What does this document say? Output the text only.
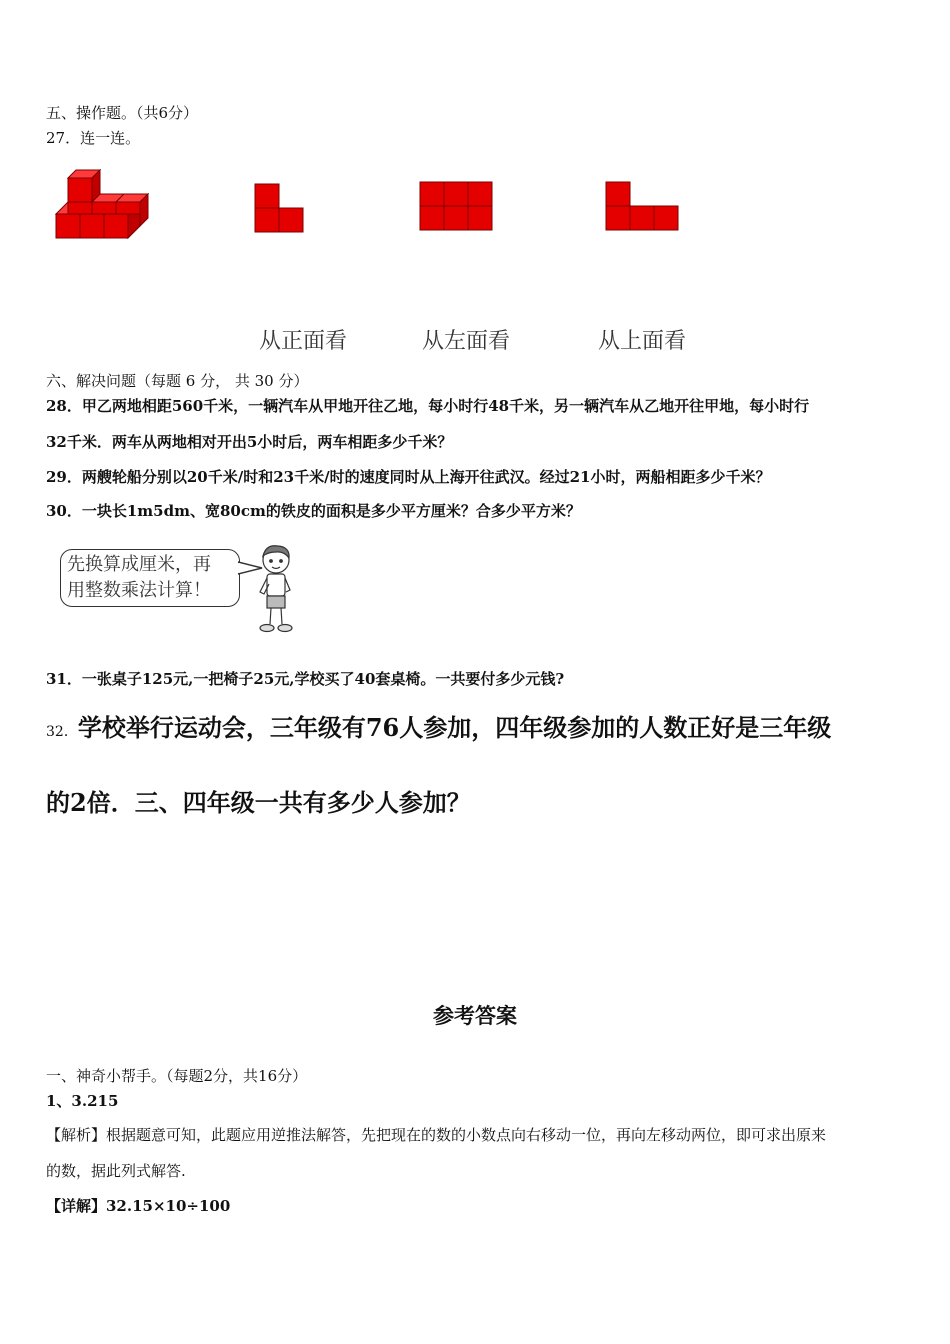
五、操作题。（共6分）
27．连一连。
从正面看	从左面看	从上面看
六、解决问题（每题 6 分， 共 30 分）
28．甲乙两地相距560千米，一辆汽车从甲地开往乙地，每小时行48千米，另一辆汽车从乙地开往甲地，每小时行
32千米．两车从两地相对开出5小时后，两车相距多少千米？
29．两艘轮船分别以20千米/时和23千米/时的速度同时从上海开往武汉。经过21小时，两船相距多少千米？
30．一块长1m5dm、宽80cm的铁皮的面积是多少平方厘米？合多少平方米？
先换算成厘米，再
用整数乘法计算！
31．一张桌子125元,一把椅子25元,学校买了40套桌椅。一共要付多少元钱?
32．学校举行运动会，三年级有76人参加，四年级参加的人数正好是三年级
的2倍．三、四年级一共有多少人参加？
参考答案
一、神奇小帮手。（每题2分，共16分）
1、3.215
【解析】根据题意可知，此题应用逆推法解答，先把现在的数的小数点向右移动一位，再向左移动两位，即可求出原来
的数，据此列式解答.
【详解】32.15×10÷100
